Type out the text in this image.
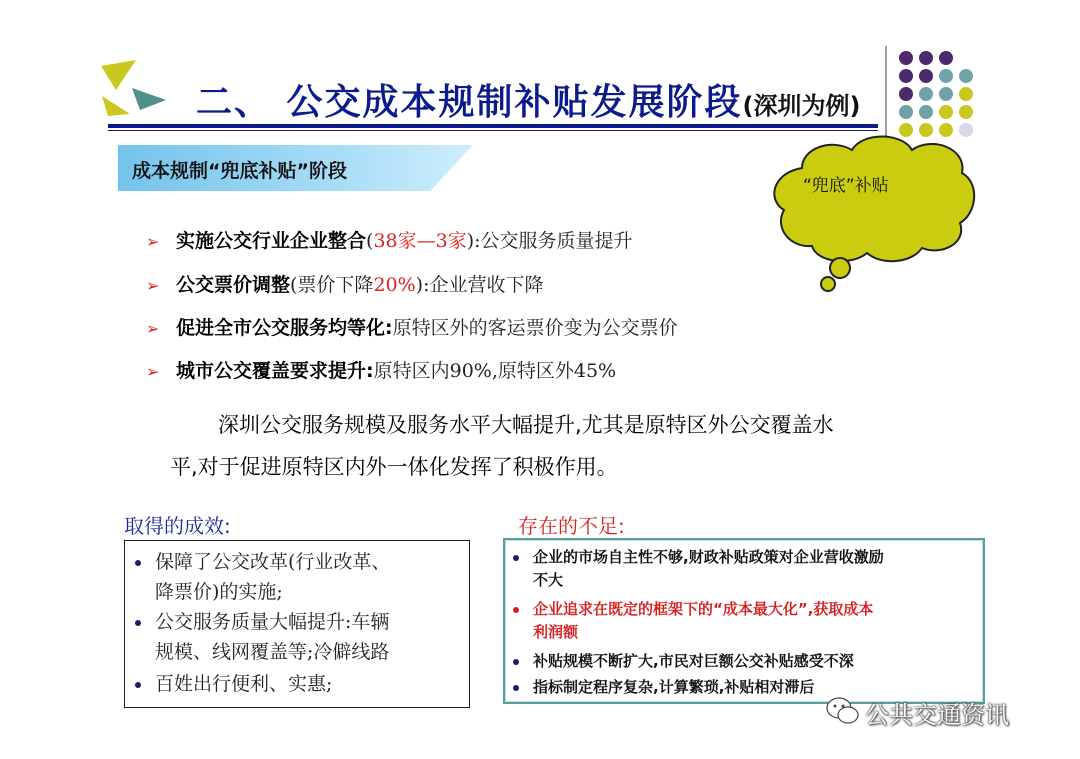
二、 公交成本规制补贴发展阶段(深圳为例)
成本规制“兜底补贴”阶段
“兜底”补贴
➢ 实施公交行业企业整合(38家—3家):公交服务质量提升
➢ 公交票价调整(票价下降20%):企业营收下降
➢ 促进全市公交服务均等化:原特区外的客运票价变为公交票价
➢ 城市公交覆盖要求提升:原特区内90%,原特区外45%
深圳公交服务规模及服务水平大幅提升,尤其是原特区外公交覆盖水
平,对于促进原特区内外一体化发挥了积极作用。
取得的成效:
保障了公交改革(行业改革、
降票价)的实施;
公交服务质量大幅提升:车辆
规模、线网覆盖等;冷僻线路
百姓出行便利、实惠;
存在的不足:
企业的市场自主性不够,财政补贴政策对企业营收激励
不大
企业追求在既定的框架下的“成本最大化”,获取成本
利润额
补贴规模不断扩大,市民对巨额公交补贴感受不深
指标制定程序复杂,计算繁琐,补贴相对滞后
公共交通资讯
